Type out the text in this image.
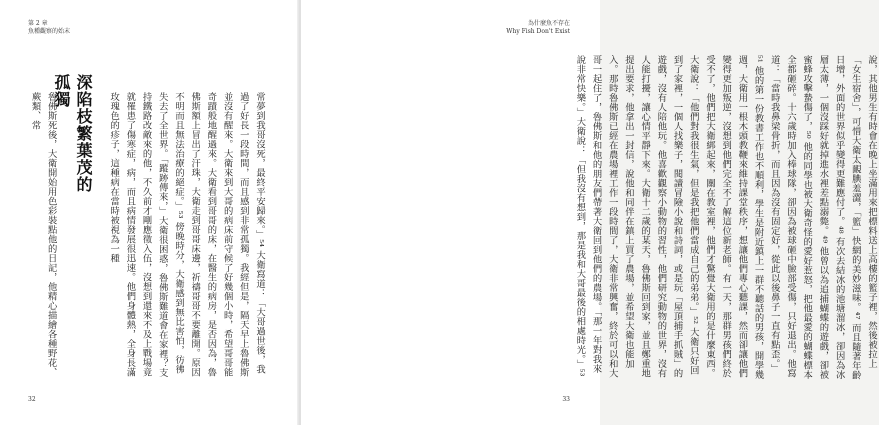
第 2 章
魚種觀察的始末

常夢到我哥沒死，最終平安歸來。」⁵⁴ 大衛寫道：「大哥過世後，我過了好長一段時間，而且感到非常孤獨。我經但是，隔天早上魯佛斯並沒有醒來。大衛來到大哥的病床前守候了好幾個小時，希望哥哥能奇蹟般地醒過來。大衛看到哥哥的床，在醫生的病房，是否因為，魯佛斯額上冒出了汗珠，大衛走到哥哥床邊，祈禱哥哥不要離開。原因不明而且無法治療的絕症。」⁵³ 傍晚時分，大衛感到無比害怕，彷彿失去了全世界。「蹤跡傳來，」大衛很困惑，魯佛斯難道會在家裡？支持鐵路改敵來的他，不久前才剛應徵入伍，沒想到還來不及上戰場竟就罹患了傷寒症，病，而且病情發展很迅速。他們身體熱，全身長滿玫瑰色的疹子，這種病在當時被視為一種

深陷枝繁葉茂的孤獨

魯佛斯死後，大衛開始用色彩裝點他的日記，他精心描繪各種野花、蕨類、常

32
為什麼魚不存在
Why Fish Don't Exist

說，其他男生有時會在晚上坐滿用來把標料送上高樓的籃子裡，然後被拉上「女生宿舍」，可惜大衛太靦腆羞澀，「籃」快網的美妙滋味。⁴⁷ 而且隨著年齡日增，外面的世界似乎變得更難應付了。⁴⁸ 有次去結冰的池塘溜冰，卻因為冰層太薄，一個沒踩好就掉進水裡差點溺斃。⁴⁹ 他曾以為追捕蝴蝶的遊戲，卻被蜜蜂攻擊蟄傷了，⁵⁰ 他的同學也被大衛奇怪的愛好惹怒，把他最愛的蝴蝶標本全都砸碎。十六歲時加入棒球隊，卻因為被球砸中臉部受傷，只好退出。他寫道：「當時我鼻梁骨折，而且因為沒有固定好，從此以後鼻子一直有點歪。」⁵¹ 他的第一份教書工作也不順利，學生是附近鎮上一群不聽話的男孩，開學幾週，大衛用一根木頭教鞭來維持課堂秩序，想讓他們專心聽課，然而卻讓他們變得更加叛逆，沒想到他們完全不了解這位新老師。有一天，那群男孩們終於受不了，他們把大衛綁起來，關在教室裡，他們才驚覺大衛用的是什麼東西。大衛說：「他們對我很生氣，但是我把他們當成自己的弟弟。」⁵² 大衛只好回到了家裡，一個人找樂子，閱讀冒險小說和詩詞，或是玩「屋頂捕手抓賊」的遊戲，沒有人陪他玩。他喜歡觀察小動物的習性，他們研究動物的世界，沒有人能打擾，讓心情平靜下來。大衛十二歲的某天，魯佛斯回到家，並且鄭重地提出要求，他拿出一封信，說他和同伴在鎮上買了農場，並希望大衛也能加入。那時魯佛斯已經在農場裡工作一段時間了，大衛非常興奮，終於可以和大哥一起住了，魯佛斯和他的朋友們帶著大衛回到他們的農場。「那一年對我來說非常快樂。」大衛說：「但我沒有想到，那是我和大哥最後的相處時光。」⁵³

33
